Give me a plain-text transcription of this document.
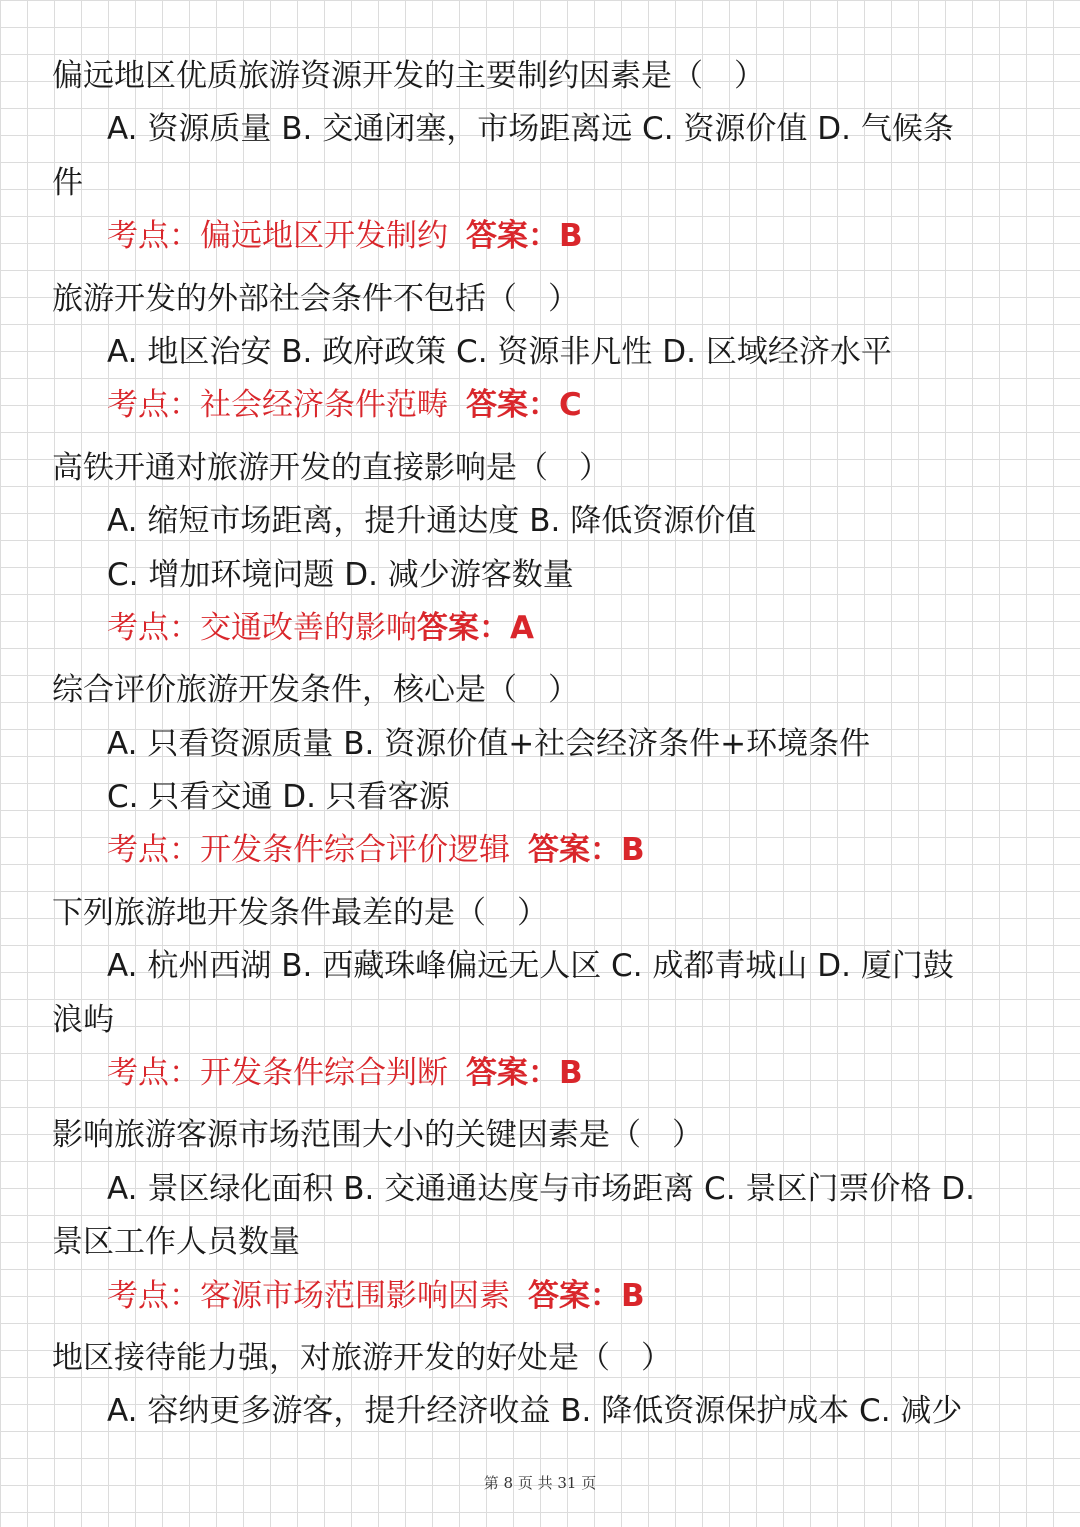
偏远地区优质旅游资源开发的主要制约因素是（　）
A. 资源质量 B. 交通闭塞，市场距离远 C. 资源价值 D. 气候条
件
考点：偏远地区开发制约 答案：B
旅游开发的外部社会条件不包括（　）
A. 地区治安 B. 政府政策 C. 资源非凡性 D. 区域经济水平
考点：社会经济条件范畴 答案：C
高铁开通对旅游开发的直接影响是（　）
A. 缩短市场距离，提升通达度 B. 降低资源价值
C. 增加环境问题 D. 减少游客数量
考点：交通改善的影响答案：A
综合评价旅游开发条件，核心是（　）
A. 只看资源质量 B. 资源价值+社会经济条件+环境条件
C. 只看交通 D. 只看客源
考点：开发条件综合评价逻辑 答案：B
下列旅游地开发条件最差的是（　）
A. 杭州西湖 B. 西藏珠峰偏远无人区 C. 成都青城山 D. 厦门鼓
浪屿
考点：开发条件综合判断 答案：B
影响旅游客源市场范围大小的关键因素是（　）
A. 景区绿化面积 B. 交通通达度与市场距离 C. 景区门票价格 D.
景区工作人员数量
考点：客源市场范围影响因素 答案：B
地区接待能力强，对旅游开发的好处是（　）
A. 容纳更多游客，提升经济收益 B. 降低资源保护成本 C. 减少
第 8 页 共 31 页
